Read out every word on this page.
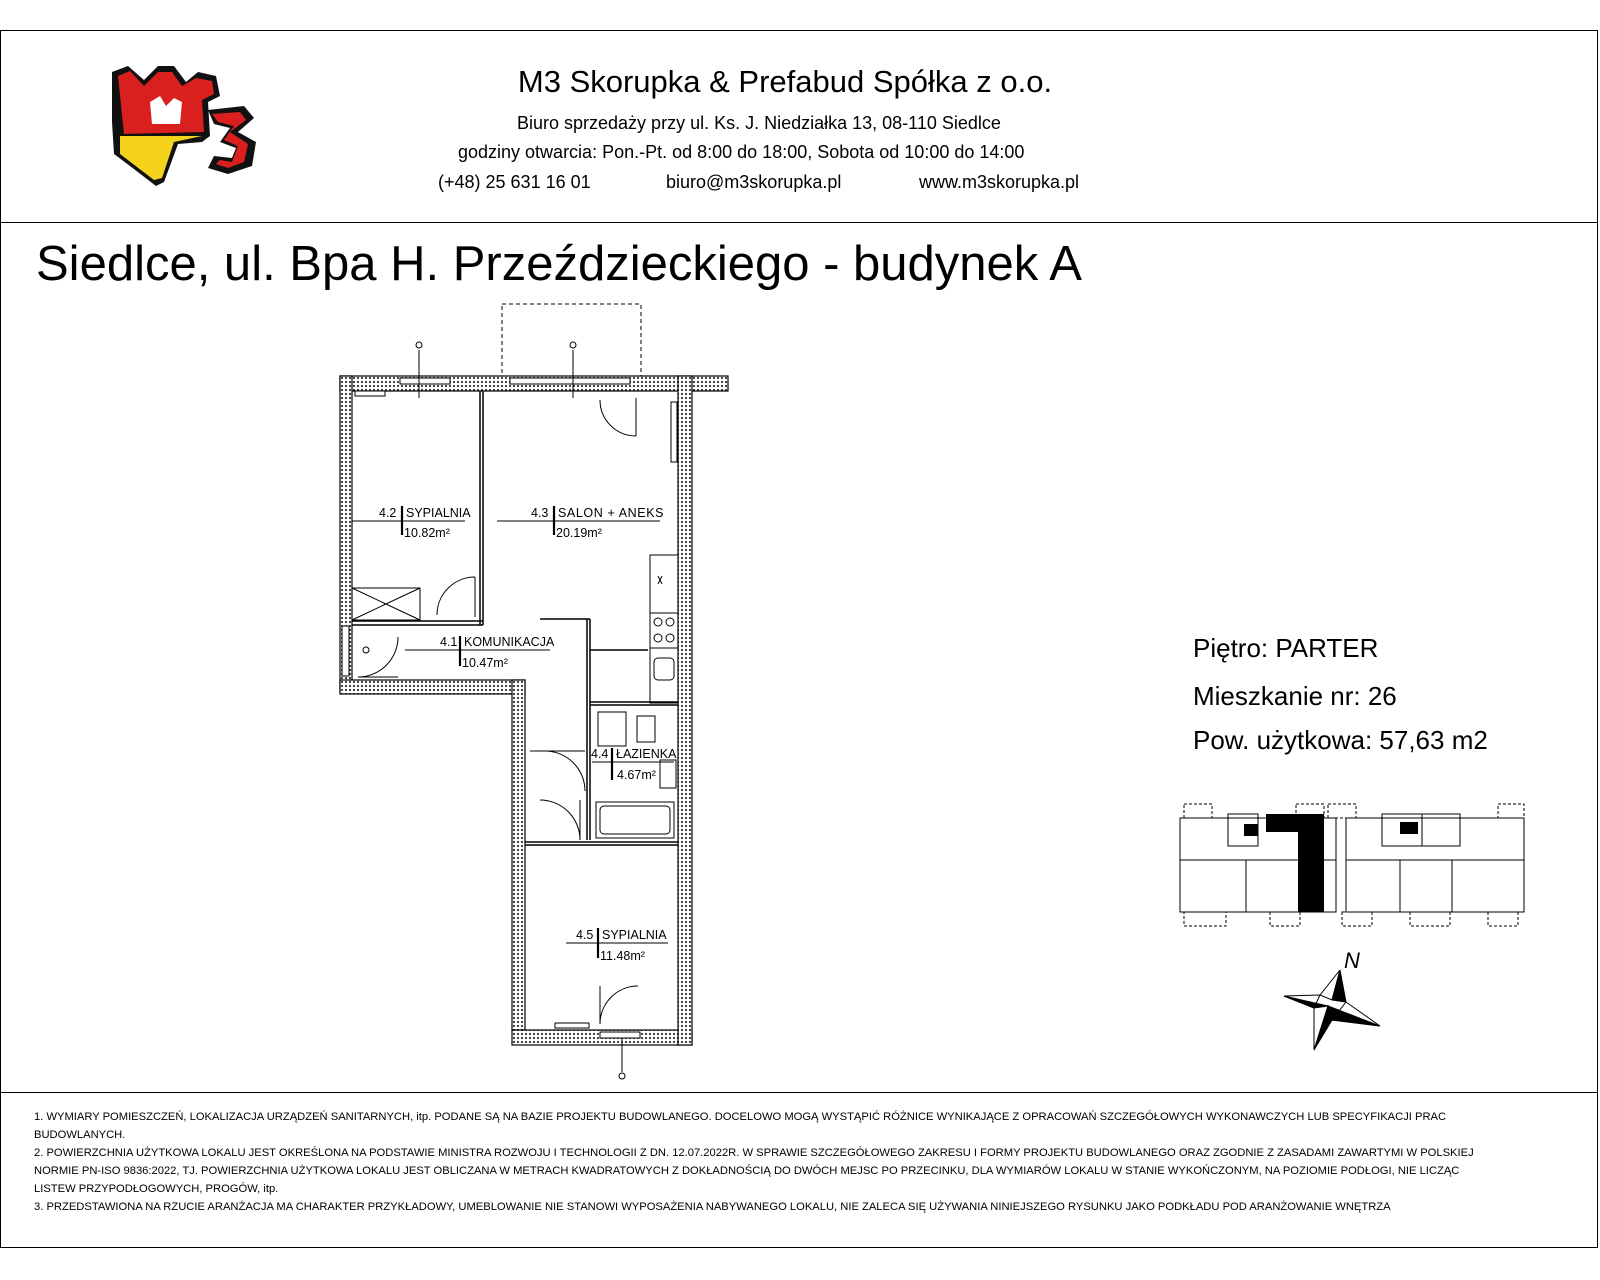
M3 Skorupka & Prefabud Spółka z o.o.
Biuro sprzedaży przy ul. Ks. J. Niedziałka 13, 08-110 Siedlce
godziny otwarcia: Pon.-Pt. od 8:00 do 18:00, Sobota od 10:00 do 14:00
(+48) 25 631 16 01	biuro@m3skorupka.pl	www.m3skorupka.pl
Siedlce, ul. Bpa H. Przeździeckiego - budynek A
4.2 SYPIALNIA
10.82m²
4.3 SALON + ANEKS
20.19m²
4.1 KOMUNIKACJA
10.47m²
4.4 ŁAZIENKA
4.67m²
4.5 SYPIALNIA
11.48m²
Piętro: PARTER
Mieszkanie nr: 26
Pow. użytkowa: 57,63 m2
N
1. WYMIARY POMIESZCZEŃ, LOKALIZACJA URZĄDZEŃ SANITARNYCH, itp. PODANE SĄ NA BAZIE PROJEKTU BUDOWLANEGO. DOCELOWO MOGĄ WYSTĄPIĆ RÓŻNICE WYNIKAJĄCE Z OPRACOWAŃ SZCZEGÓŁOWYCH WYKONAWCZYCH LUB SPECYFIKACJI PRAC BUDOWLANYCH.
2. POWIERZCHNIA UŻYTKOWA LOKALU JEST OKREŚLONA NA PODSTAWIE MINISTRA ROZWOJU I TECHNOLOGII Z DN. 12.07.2022R. W SPRAWIE SZCZEGÓŁOWEGO ZAKRESU I FORMY PROJEKTU BUDOWLANEGO ORAZ ZGODNIE Z ZASADAMI ZAWARTYMI W POLSKIEJ NORMIE PN-ISO 9836:2022, TJ. POWIERZCHNIA UŻYTKOWA LOKALU JEST OBLICZANA W METRACH KWADRATOWYCH Z DOKŁADNOŚCIĄ DO DWÓCH MEJSC PO PRZECINKU, DLA WYMIARÓW LOKALU W STANIE WYKOŃCZONYM, NA POZIOMIE PODŁOGI, NIE LICZĄC LISTEW PRZYPODŁOGOWYCH, PROGÓW, itp.
3. PRZEDSTAWIONA NA RZUCIE ARANŻACJA MA CHARAKTER PRZYKŁADOWY, UMEBLOWANIE NIE STANOWI WYPOSAŻENIA NABYWANEGO LOKALU, NIE ZALECA SIĘ UŻYWANIA NINIEJSZEGO RYSUNKU JAKO PODKŁADU POD ARANŻOWANIE WNĘTRZA
